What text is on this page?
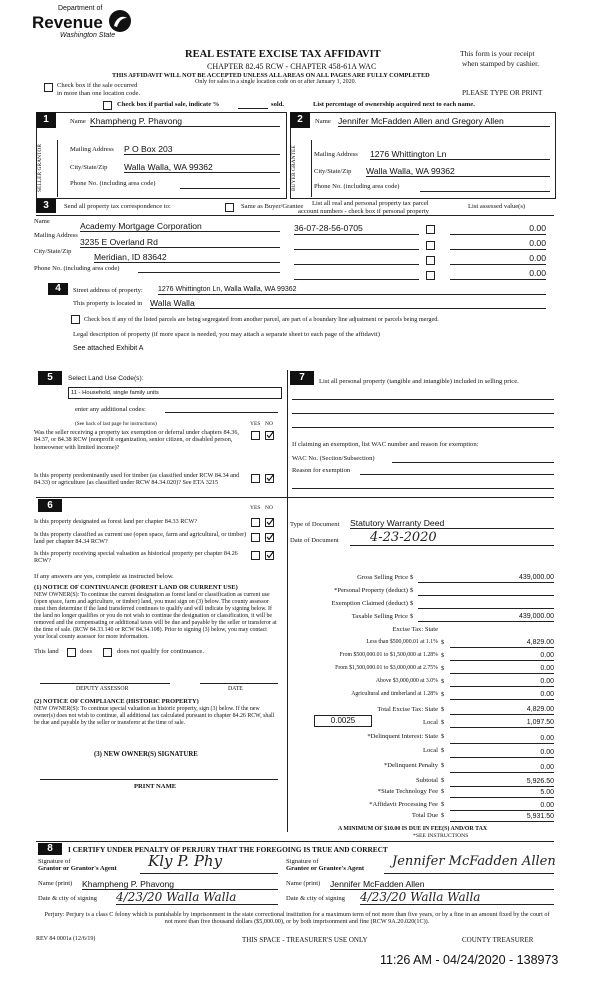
Department of
Revenue
Washington State
REAL ESTATE EXCISE TAX AFFIDAVIT
CHAPTER 82.45 RCW - CHAPTER 458-61A WAC
THIS AFFIDAVIT WILL NOT BE ACCEPTED UNLESS ALL AREAS ON ALL PAGES ARE FULLY COMPLETED
Only for sales in a single location code on or after January 1, 2020.
This form is your receipt
when stamped by cashier.
PLEASE TYPE OR PRINT
Check box if the sale occurred
in more than one location code.
Check box if partial sale, indicate %	sold.	List percentage of ownership acquired next to each name.
1	Name Khampheng P. Phavong
SELLER GRANTOR	Mailing Address P O Box 203
City/State/Zip Walla Walla, WA 99362
Phone No. (including area code)
2	Name Jennifer McFadden Allen and Gregory Allen
BUYER GRANTEE	Mailing Address 1276 Whittington Ln
City/State/Zip Walla Walla, WA 99362
Phone No. (including area code)
3	Send all property tax correspondence to:	Same as Buyer/Grantee List all real and personal property tax parcel
account numbers - check box if personal property
List assessed value(s)
Name	Academy Mortgage Corporation
Mailing Address
3235 E Overland Rd
City/State/Zip
Meridian, ID 83642
Phone No. (including area code)
36-07-28-56-0705	0.00
0.00
0.00
0.00
4	Street address of property: 1276 Whittington Ln, Walla Walla, WA 99362
This property is located in Walla Walla
Check box if any of the listed parcels are being segregated from another parcel, are part of a boundary line adjustment or parcels being merged.
Legal description of property (if more space is needed, you may attach a separate sheet to each page of the affidavit)
See attached Exhibit A
5	Select Land Use Code(s):
11 - Household, single family units
enter any additional codes:
(See back of last page for instructions)	YES NO
Was the seller receiving a property tax exemption or deferral under chapters 84.36, 84.37, or 84.38 RCW (nonprofit organization, senior citizen, or disabled person, homeowner with limited income)?
Is this property predominantly used for timber (as classified under RCW 84.34 and 84.33) or agriculture (as classified under RCW 84.34.020)? See ETA 3215
6	YES NO
Is this property designated as forest land per chapter 84.33 RCW?
Is this property classified as current use (open space, farm and agricultural, or timber) land per chapter 84.34 RCW?
Is this property receiving special valuation as historical property per chapter 84.26 RCW?
If any answers are yes, complete as instructed below.
(1) NOTICE OF CONTINUANCE (FOREST LAND OR CURRENT USE)
NEW OWNER(S): To continue the current designation as forest land or classification as current use (open space, farm and agriculture, or timber) land, you must sign on (3) below. The county assessor must then determine if the land transferred continues to qualify and will indicate by signing below. If the land no longer qualifies or you do not wish to continue the designation or classification, it will be removed and the compensating or additional taxes will be due and payable by the seller or transferor at the time of sale. (RCW 84.33.140 or RCW 84.34.108). Prior to signing (3) below, you may contact your local county assessor for more information.
This land	does	does not qualify for continuance.
DEPUTY ASSESSOR	DATE
(2) NOTICE OF COMPLIANCE (HISTORIC PROPERTY)
NEW OWNER(S): To continue special valuation as historic property, sign (3) below. If the new owner(s) does not wish to continue, all additional tax calculated pursuant to chapter 84.26 RCW, shall be due and payable by the seller or transferor at the time of sale.
(3) NEW OWNER(S) SIGNATURE
PRINT NAME
7	List all personal property (tangible and intangible) included in selling price.
If claiming an exemption, list WAC number and reason for exemption:
WAC No. (Section/Subsection)
Reason for exemption
Type of Document Statutory Warranty Deed
Date of Document	4-23-2020
Gross Selling Price $	439,000.00
*Personal Property (deduct) $
Exemption Claimed (deduct) $
Taxable Selling Price $	439,000.00
Excise Tax: State
Less than $500,000.01 at 1.1% $	4,829.00
From $500,000.01 to $1,500,000 at 1.28% $	0.00
From $1,500,000.01 to $3,000,000 at 2.75% $	0.00
Above $3,000,000 at 3.0% $	0.00
Agricultural and timberland at 1.28% $	0.00
Total Excise Tax: State $	4,829.00
0.0025	Local $	1,097.50
*Delinquent Interest: State $	0.00
Local $	0.00
*Delinquent Penalty $	0.00
Subtotal $	5,926.50
*State Technology Fee $	5.00
*Affidavit Processing Fee $	0.00
Total Due $	5,931.50
A MINIMUM OF $10.00 IS DUE IN FEE(S) AND/OR TAX
*SEE INSTRUCTIONS
8	I CERTIFY UNDER PENALTY OF PERJURY THAT THE FOREGOING IS TRUE AND CORRECT
Signature of
Grantor or Grantor's Agent Kly P. Phy
Name (print) Khampheng P. Phavong
Date & city of signing 4/23/20 Walla Walla
Signature of
Grantee or Grantee's Agent Jennifer McFadden Allen
Name (print) Jennifer McFadden Allen
Date & city of signing 4/23/20 Walla Walla
Perjury: Perjury is a class C felony which is punishable by imprisonment in the state correctional institution for a maximum term of not more than five years, or by a fine in an amount fixed by the court of not more than five thousand dollars ($5,000.00), or by both imprisonment and fine (RCW 9A.20.020(1C)).
REV 84 0001a (12/6/19)	THIS SPACE - TREASURER'S USE ONLY	COUNTY TREASURER
11:26 AM - 04/24/2020 - 138973
